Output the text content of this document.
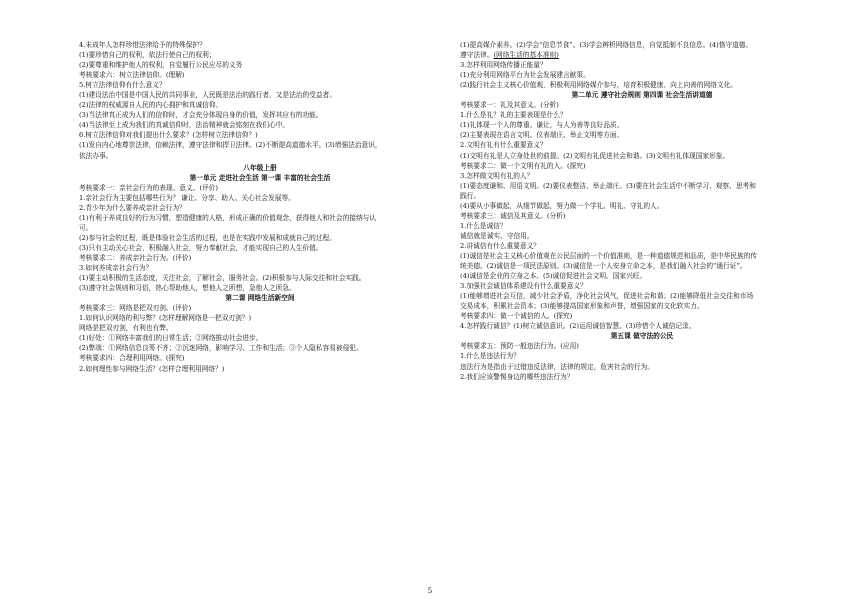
4.未成年人怎样珍惜法律给予的特殊保护？
(1)要珍惜自己的权利，依法行使自己的权利；
(2)要尊重和维护他人的权利，自觉履行公民应尽的义务
考核要求六：树立法律信仰。(理解)
5.树立法律信仰有什么意义？
(1)建设法治中国是中国人民的共同事业，人民既是法治的践行者，又是法治的受益者。
(2)法律的权威源自人民的内心拥护和真诚信仰。
(3)当法律真正成为人们的信仰时，才会充分体现自身的价值，发挥其应有的功能。
(4)当法律至上成为我们的真诚信仰时，法治精神就会铭刻在我们心中。
6.树立法律信仰对我们提出什么要求？(怎样树立法律信仰？)
(1)发自内心地尊崇法律，信赖法律，遵守法律和捍卫法律。(2)不断提高道德水平。(3)增强法治意识，
依法办事。
八年级上册
第一单元 走进社会生活 第一课 丰富的社会生活
考核要求一：亲社会行为的表现、意义。(评价)
1.亲社会行为主要包括哪些行为？ 谦让、分享、助人、关心社会发展等。
2.青少年为什么要养成亲社会行为？
(1)有利于养成良好的行为习惯，塑造健康的人格，形成正确的价值观念，获得他人和社会的接纳与认
可。
(2)参与社会的过程，既是体验社会生活的过程，也是在实践中发展和成就自己的过程。
(3)只有主动关心社会，积极融入社会，努力奉献社会，才能实现自己的人生价值。
考核要求二：养成亲社会行为。(评价)
3.如何养成亲社会行为？
(1)要主动积极的生活态度，关注社会，了解社会，服务社会。(2)积极参与人际交往和社会实践。
(3)遵守社会规则和习俗，热心帮助他人，想他人之所想，急他人之所急。
第二课 网络生活新空间
考核要求三：网络是把双刃剑。(评价)
1.如何认识网络的利与弊？(怎样理解网络是一把双刃剑？)
网络是把双刃剑，有利也有弊。
(1)好处：①网络丰富我们的日常生活；②网络推动社会进步。
(2)弊端：①网络信息良莠不齐；②沉迷网络，影响学习、工作和生活；③个人隐私容易被侵犯。
考核要求四：合理利用网络。(探究)
2.如何理性参与网络生活？(怎样合理利用网络？)
(1)提高媒介素养。(2)学会“信息节食”。(3)学会辨析网络信息，自觉抵制不良信息。(4)恪守道德、
遵守法律。(网络生活的基本准则)
3.怎样利用网络传播正能量？
(1)充分利用网络平台为社会发展建言献策。
(2)践行社会主义核心价值观，积极利用网络媒介参与，培育积极健康、向上向善的网络文化。
第二单元 遵守社会规则 第四课 社会生活讲道德
考核要求一：礼及其意义。(分析)
1.什么是礼？礼的主要表现是什么？
(1)礼体现一个人的尊重、谦让，与人为善等良好品质。
(2)主要表现在语言文明、仪表端庄、举止文明等方面。
2.文明有礼有什么重要意义？
(1)文明有礼是人立身处世的前提。(2)文明有礼促进社会和谐。(3)文明有礼体现国家形象。
考核要求二：做一个文明有礼的人。(探究)
3.怎样做文明有礼的人？
(1)要态度谦和、用语文明。(2)要仪表整洁、举止端庄。(3)要在社会生活中不断学习、观察、思考和
践行。
(4)要从小事做起，从细节做起，努力做一个学礼、明礼、守礼的人。
考核要求三：诚信及其意义。(分析)
1.什么是诚信？
诚信就是诚实、守信用。
2.讲诚信有什么重要意义？
(1)诚信是社会主义核心价值观在公民层面的一个价值准则，是一种道德规范和品质，是中华民族的传
统美德。(2)诚信是一项民法原则。(3)诚信是一个人安身立命之本，是我们融入社会的“通行证”。
(4)诚信是企业的立身之本。(5)诚信促进社会文明、国家兴旺。
3.加强社会诚信体系建设有什么重要意义？
(1)能够增进社会互信，减少社会矛盾，净化社会风气，促进社会和谐；(2)能够降低社会交往和市场
交易成本，积累社会资本；(3)能够提高国家形象和声誉，增强国家的文化软实力。
考核要求四：做一个诚信的人。(探究)
4.怎样践行诚信？(1)树立诚信意识。(2)运用诚信智慧。(3)珍惜个人诚信记录。
第五课 做守法的公民
考核要求五：预防一般违法行为。(应用)
1.什么是违法行为？
违法行为是指由于过错违反法律，法律的规定，危害社会的行为。
2.我们应该警惕身边的哪些违法行为？
5
